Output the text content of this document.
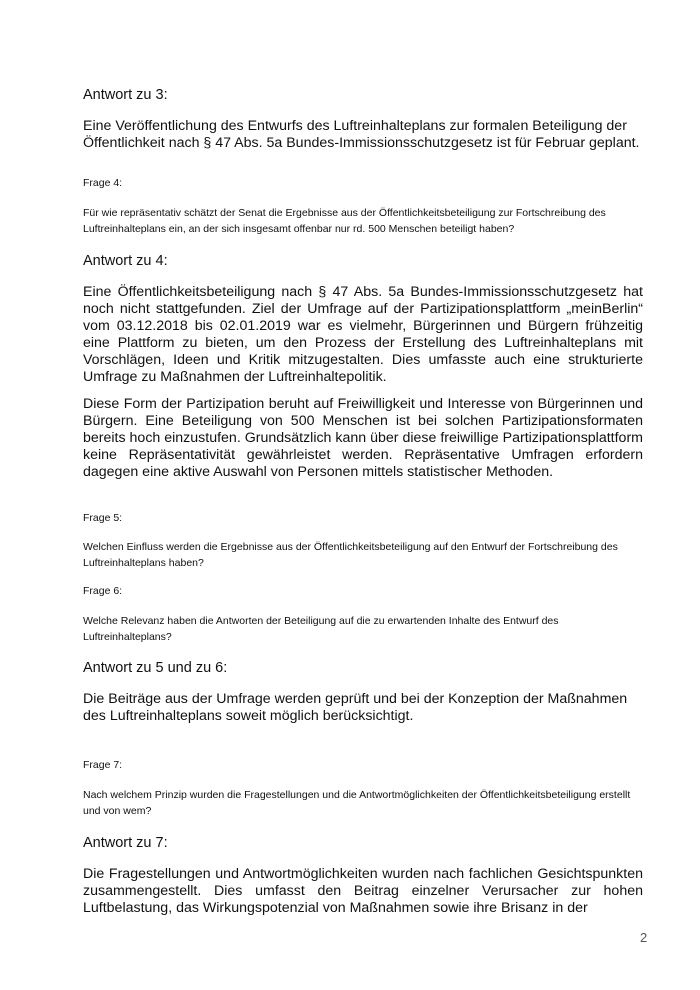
Antwort zu 3:

Eine Veröffentlichung des Entwurfs des Luftreinhalteplans zur formalen Beteiligung der Öffentlichkeit nach § 47 Abs. 5a Bundes-Immissionsschutzgesetz ist für Februar geplant.

Frage 4:

Für wie repräsentativ schätzt der Senat die Ergebnisse aus der Öffentlichkeitsbeteiligung zur Fortschreibung des Luftreinhalteplans ein, an der sich insgesamt offenbar nur rd. 500 Menschen beteiligt haben?

Antwort zu 4:

Eine Öffentlichkeitsbeteiligung nach § 47 Abs. 5a Bundes-Immissionsschutzgesetz hat noch nicht stattgefunden. Ziel der Umfrage auf der Partizipationsplattform „meinBerlin“ vom 03.12.2018 bis 02.01.2019 war es vielmehr, Bürgerinnen und Bürgern frühzeitig eine Plattform zu bieten, um den Prozess der Erstellung des Luftreinhalteplans mit Vorschlägen, Ideen und Kritik mitzugestalten. Dies umfasste auch eine strukturierte Umfrage zu Maßnahmen der Luftreinhaltepolitik.

Diese Form der Partizipation beruht auf Freiwilligkeit und Interesse von Bürgerinnen und Bürgern. Eine Beteiligung von 500 Menschen ist bei solchen Partizipationsformaten bereits hoch einzustufen. Grundsätzlich kann über diese freiwillige Partizipationsplattform keine Repräsentativität gewährleistet werden. Repräsentative Umfragen erfordern dagegen eine aktive Auswahl von Personen mittels statistischer Methoden.

Frage 5:

Welchen Einfluss werden die Ergebnisse aus der Öffentlichkeitsbeteiligung auf den Entwurf der Fortschreibung des Luftreinhalteplans haben?

Frage 6:

Welche Relevanz haben die Antworten der Beteiligung auf die zu erwartenden Inhalte des Entwurf des Luftreinhalteplans?

Antwort zu 5 und zu 6:

Die Beiträge aus der Umfrage werden geprüft und bei der Konzeption der Maßnahmen des Luftreinhalteplans soweit möglich berücksichtigt.

Frage 7:

Nach welchem Prinzip wurden die Fragestellungen und die Antwortmöglichkeiten der Öffentlichkeitsbeteiligung erstellt und von wem?

Antwort zu 7:

Die Fragestellungen und Antwortmöglichkeiten wurden nach fachlichen Gesichtspunkten zusammengestellt. Dies umfasst den Beitrag einzelner Verursacher zur hohen Luftbelastung, das Wirkungspotenzial von Maßnahmen sowie ihre Brisanz in der

2
